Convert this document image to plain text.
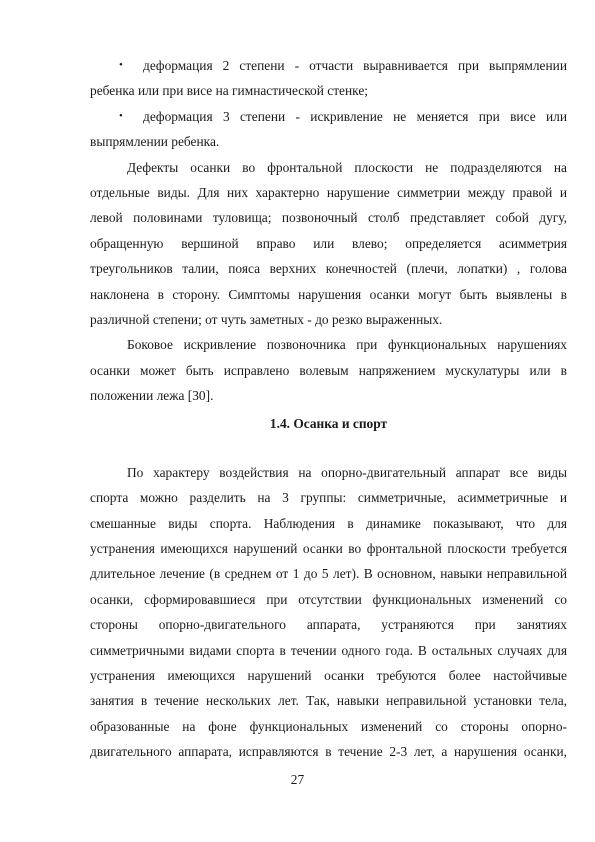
• деформация 2 степени - отчасти выравнивается при выпрямлении
ребенка или при висе на гимнастической стенке;
• деформация 3 степени - искривление не меняется при висе или
выпрямлении ребенка.
Дефекты осанки во фронтальной плоскости не подразделяются на
отдельные виды. Для них характерно нарушение симметрии между правой и
левой половинами туловища; позвоночный столб представляет собой дугу,
обращенную вершиной вправо или влево; определяется асимметрия
треугольников талии, пояса верхних конечностей (плечи, лопатки) , голова
наклонена в сторону. Симптомы нарушения осанки могут быть выявлены в
различной степени; от чуть заметных - до резко выраженных.
Боковое искривление позвоночника при функциональных нарушениях
осанки может быть исправлено волевым напряжением мускулатуры или в
положении лежа [30].
1.4. Осанка и спорт
По характеру воздействия на опорно-двигательный аппарат все виды
спорта можно разделить на 3 группы: симметричные, асимметричные и
смешанные виды спорта. Наблюдения в динамике показывают, что для
устранения имеющихся нарушений осанки во фронтальной плоскости требуется
длительное лечение (в среднем от 1 до 5 лет). В основном, навыки неправильной
осанки, сформировавшиеся при отсутствии функциональных изменений со
стороны опорно-двигательного аппарата, устраняются при занятиях
симметричными видами спорта в течении одного года. В остальных случаях для
устранения имеющихся нарушений осанки требуются более настойчивые
занятия в течение нескольких лет. Так, навыки неправильной установки тела,
образованные на фоне функциональных изменений со стороны опорно-
двигательного аппарата, исправляются в течение 2-3 лет, а нарушения осанки,
27
